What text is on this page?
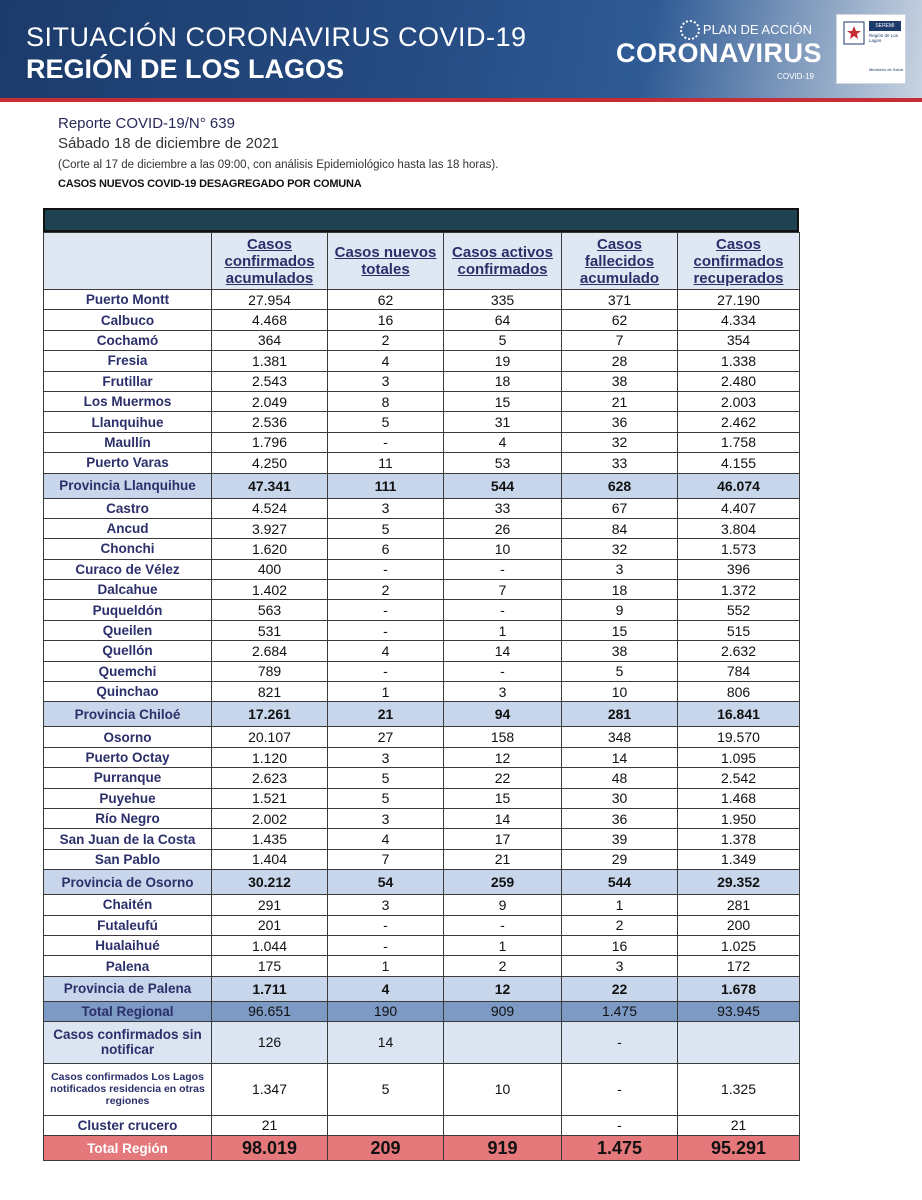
SITUACIÓN CORONAVIRUS COVID-19
REGIÓN DE LOS LAGOS
PLAN DE ACCIÓN
CORONAVIRUS
COVID-19
SEREMI
Región de Los Lagos
Ministerio de Salud
Reporte COVID-19/N° 639
Sábado 18 de diciembre de 2021
(Corte al 17 de diciembre a las 09:00, con análisis Epidemiológico hasta las 18 horas).
CASOS NUEVOS COVID-19 DESAGREGADO POR COMUNA
	Casos confirmados acumulados	Casos nuevos totales	Casos activos confirmados	Casos fallecidos acumulado	Casos confirmados recuperados
Puerto Montt	27.954	62	335	371	27.190
Calbuco	4.468	16	64	62	4.334
Cochamó	364	2	5	7	354
Fresia	1.381	4	19	28	1.338
Frutillar	2.543	3	18	38	2.480
Los Muermos	2.049	8	15	21	2.003
Llanquihue	2.536	5	31	36	2.462
Maullín	1.796	-	4	32	1.758
Puerto Varas	4.250	11	53	33	4.155
Provincia Llanquihue	47.341	111	544	628	46.074
Castro	4.524	3	33	67	4.407
Ancud	3.927	5	26	84	3.804
Chonchi	1.620	6	10	32	1.573
Curaco de Vélez	400	-	-	3	396
Dalcahue	1.402	2	7	18	1.372
Puqueldón	563	-	-	9	552
Queilen	531	-	1	15	515
Quellón	2.684	4	14	38	2.632
Quemchi	789	-	-	5	784
Quinchao	821	1	3	10	806
Provincia Chiloé	17.261	21	94	281	16.841
Osorno	20.107	27	158	348	19.570
Puerto Octay	1.120	3	12	14	1.095
Purranque	2.623	5	22	48	2.542
Puyehue	1.521	5	15	30	1.468
Río Negro	2.002	3	14	36	1.950
San Juan de la Costa	1.435	4	17	39	1.378
San Pablo	1.404	7	21	29	1.349
Provincia de Osorno	30.212	54	259	544	29.352
Chaitén	291	3	9	1	281
Futaleufú	201	-	-	2	200
Hualaihué	1.044	-	1	16	1.025
Palena	175	1	2	3	172
Provincia de Palena	1.711	4	12	22	1.678
Total Regional	96.651	190	909	1.475	93.945
Casos confirmados sin notificar	126	14		-	
Casos confirmados Los Lagos notificados residencia en otras regiones	1.347	5	10	-	1.325
Cluster crucero	21			-	21
Total Región	98.019	209	919	1.475	95.291
